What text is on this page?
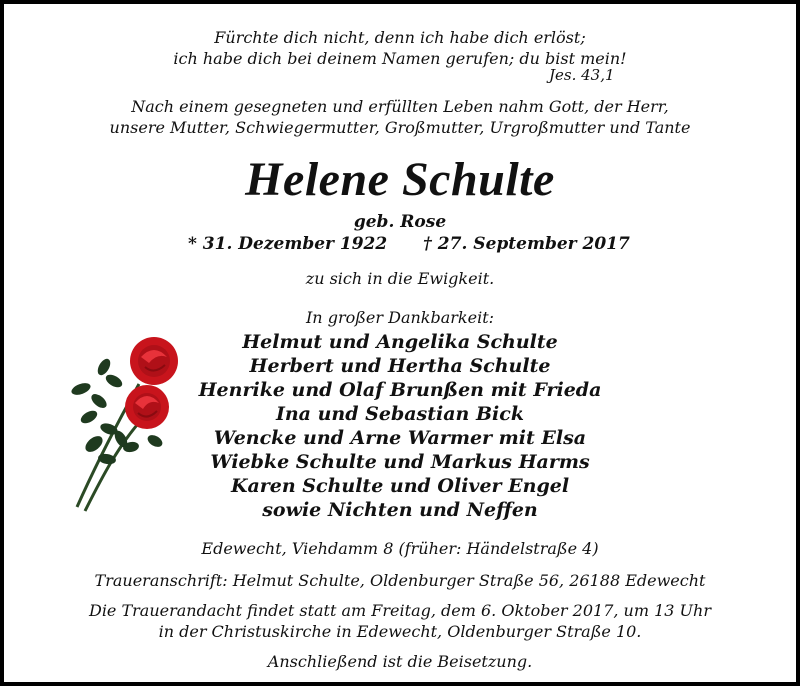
Fürchte dich nicht, denn ich habe dich erlöst;
ich habe dich bei deinem Namen gerufen; du bist mein!
Jes. 43,1
Nach einem gesegneten und erfüllten Leben nahm Gott, der Herr,
unsere Mutter, Schwiegermutter, Großmutter, Urgroßmutter und Tante
Helene Schulte
geb. Rose
* 31. Dezember 1922 † 27. September 2017
zu sich in die Ewigkeit.
In großer Dankbarkeit:
Helmut und Angelika Schulte
Herbert und Hertha Schulte
Henrike und Olaf Brunßen mit Frieda
Ina und Sebastian Bick
Wencke und Arne Warmer mit Elsa
Wiebke Schulte und Markus Harms
Karen Schulte und Oliver Engel
sowie Nichten und Neffen
Edewecht, Viehdamm 8 (früher: Händelstraße 4)
Traueranschrift: Helmut Schulte, Oldenburger Straße 56, 26188 Edewecht
Die Trauerandacht findet statt am Freitag, dem 6. Oktober 2017, um 13 Uhr
in der Christuskirche in Edewecht, Oldenburger Straße 10.
Anschließend ist die Beisetzung.
